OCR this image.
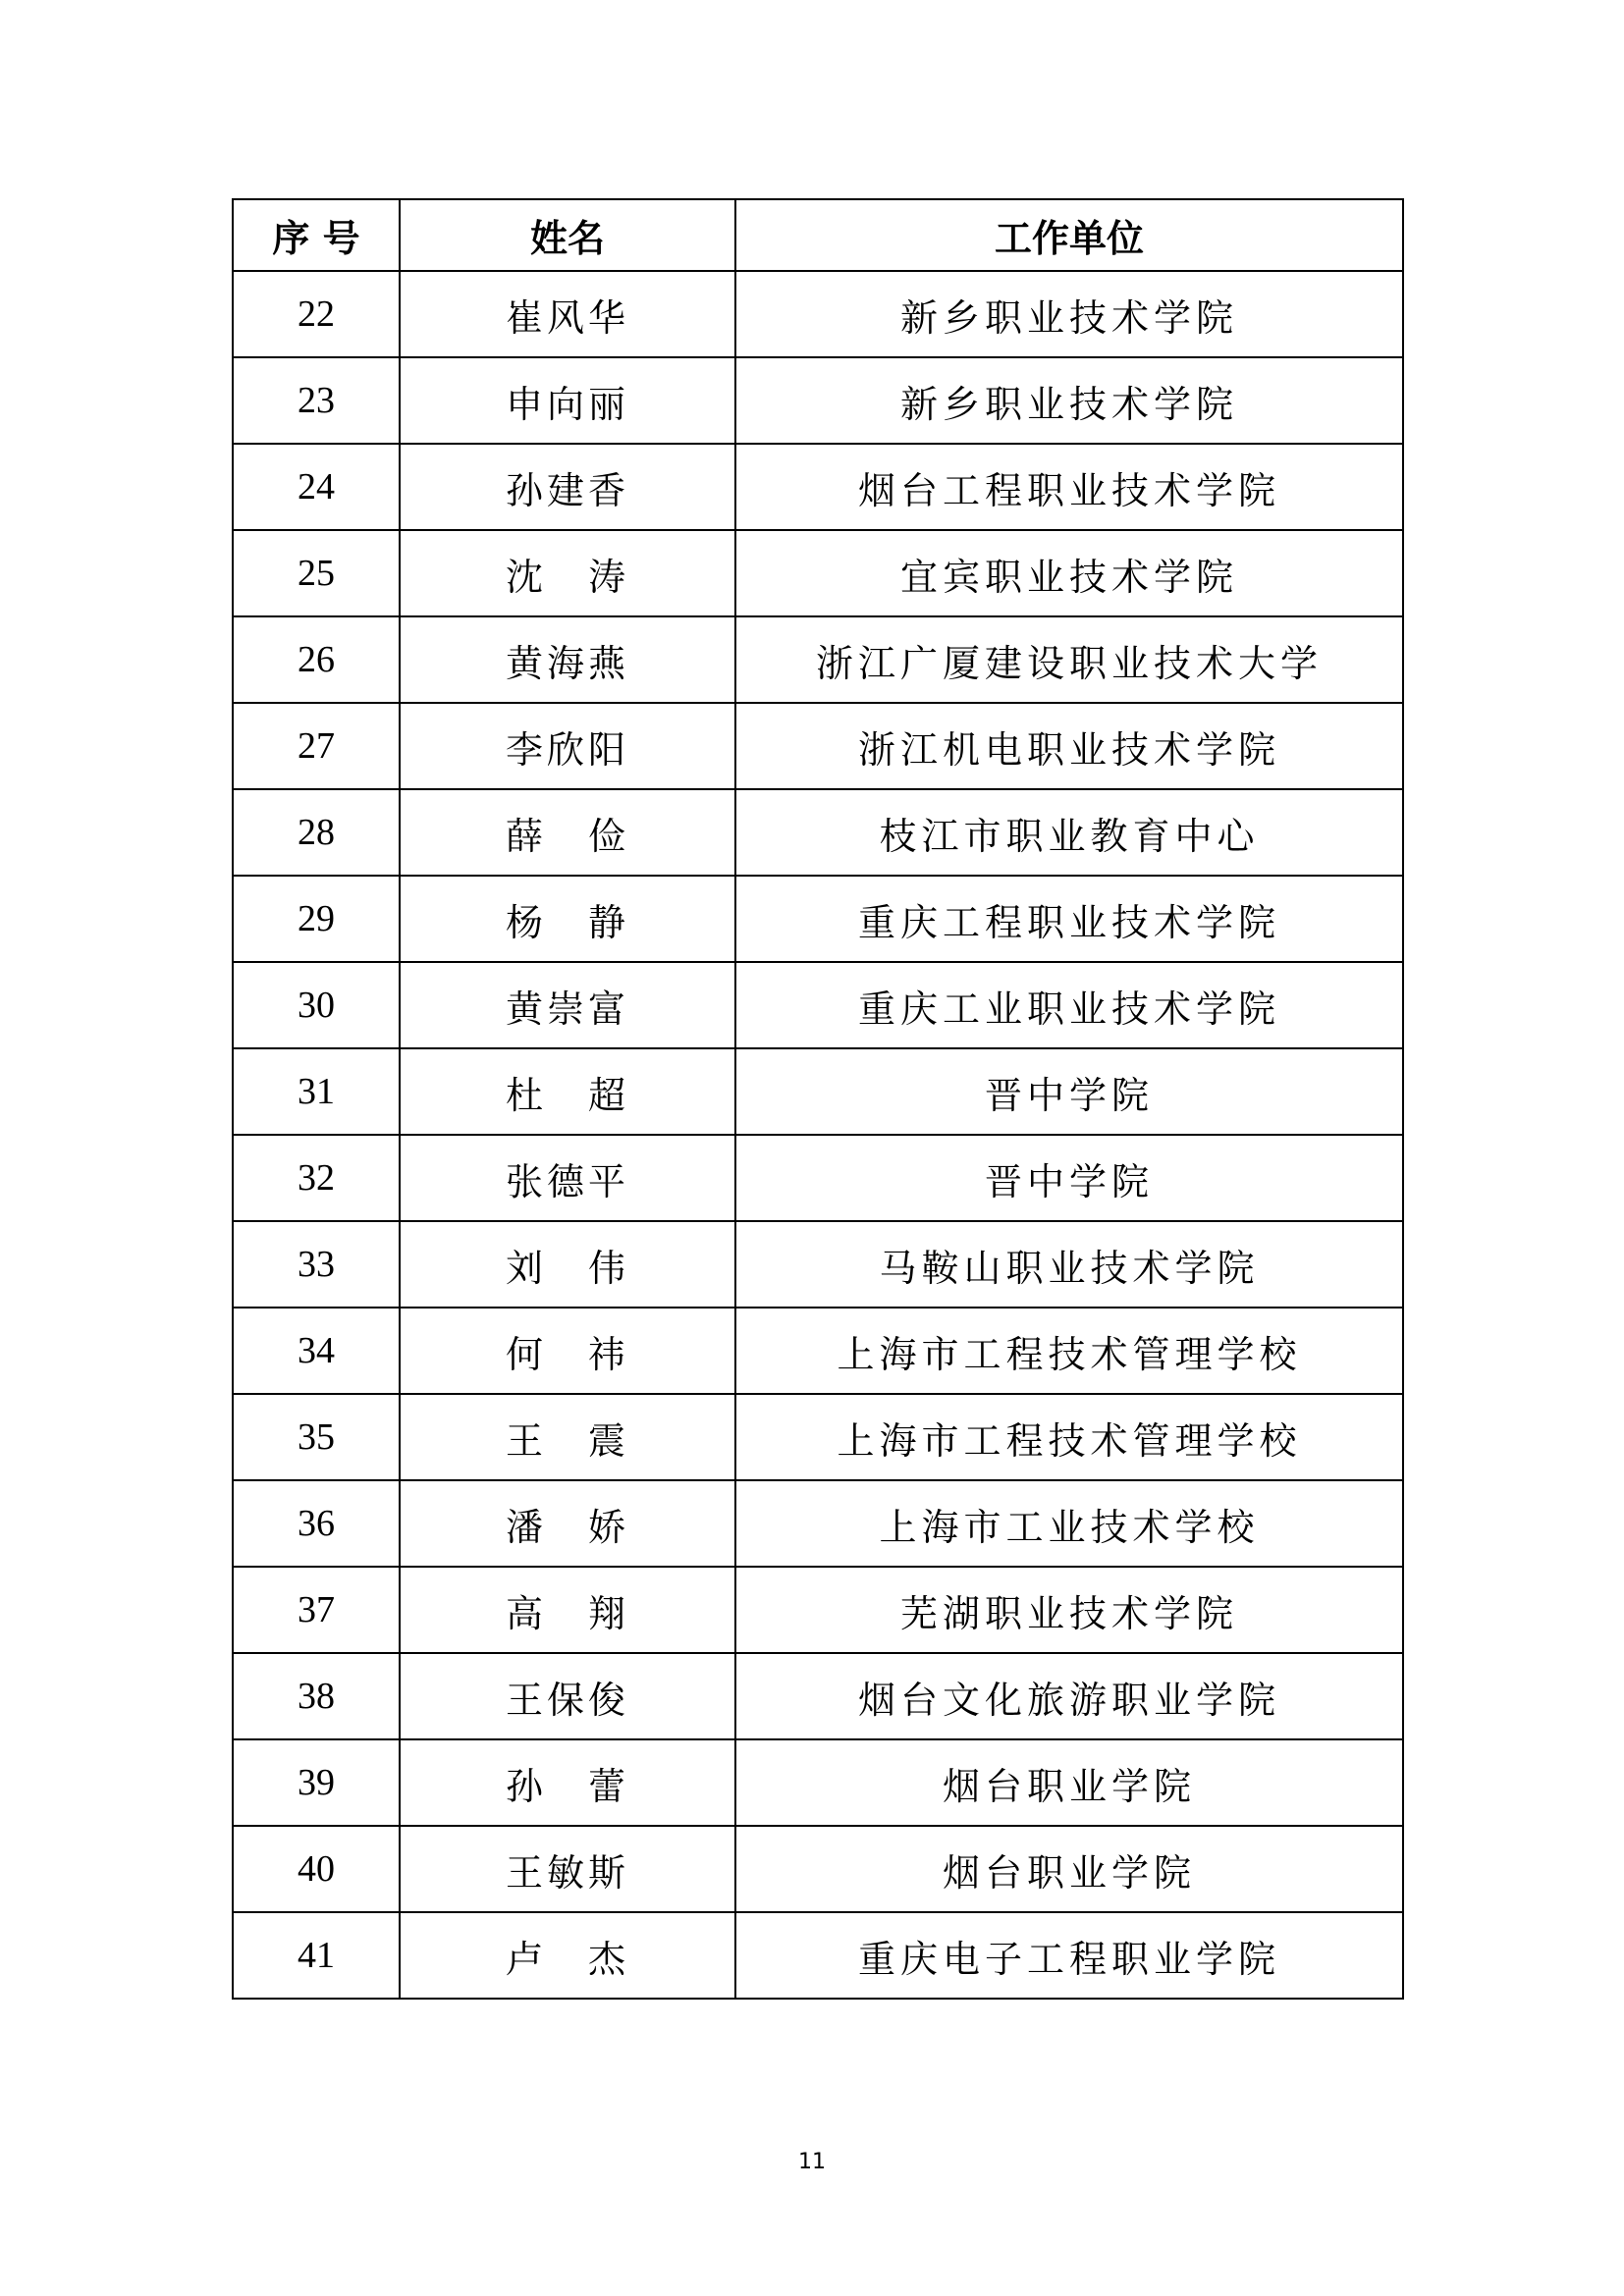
序 号	姓名	工作单位
22	崔风华	新乡职业技术学院
23	申向丽	新乡职业技术学院
24	孙建香	烟台工程职业技术学院
25	沈　涛	宜宾职业技术学院
26	黄海燕	浙江广厦建设职业技术大学
27	李欣阳	浙江机电职业技术学院
28	薛　俭	枝江市职业教育中心
29	杨　静	重庆工程职业技术学院
30	黄崇富	重庆工业职业技术学院
31	杜　超	晋中学院
32	张德平	晋中学院
33	刘　伟	马鞍山职业技术学院
34	何　祎	上海市工程技术管理学校
35	王　震	上海市工程技术管理学校
36	潘　娇	上海市工业技术学校
37	高　翔	芜湖职业技术学院
38	王保俊	烟台文化旅游职业学院
39	孙　蕾	烟台职业学院
40	王敏斯	烟台职业学院
41	卢　杰	重庆电子工程职业学院
11
